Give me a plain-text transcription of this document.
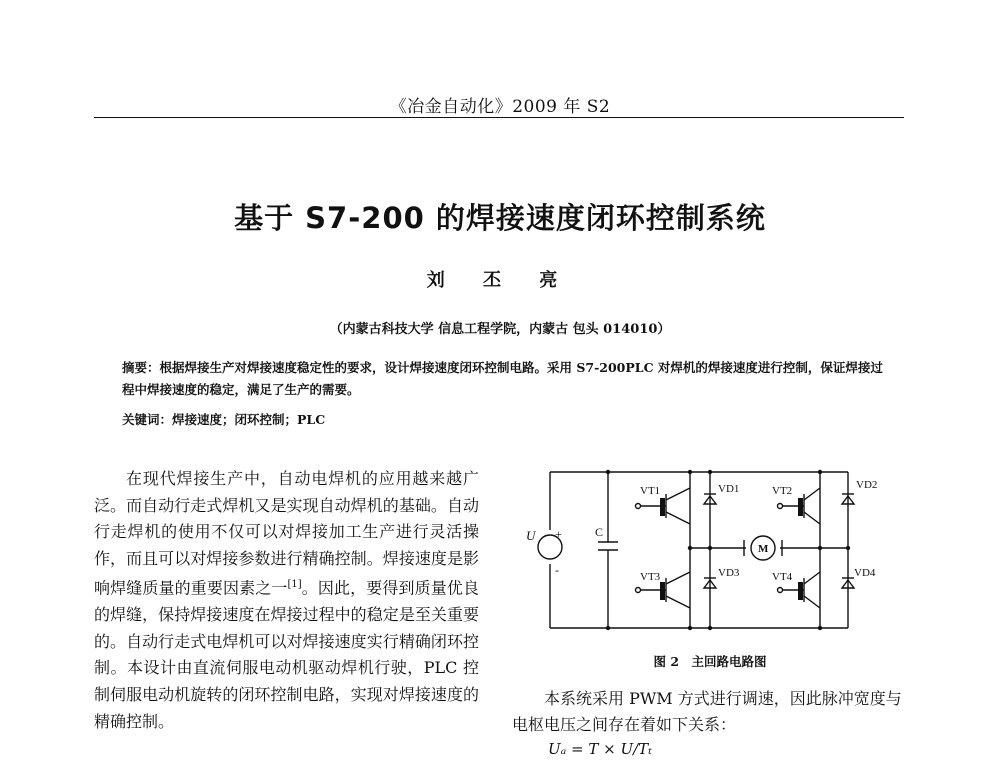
《冶金自动化》2009 年 S2
基于 S7-200 的焊接速度闭环控制系统
刘 丕 亮
（内蒙古科技大学 信息工程学院，内蒙古 包头 014010）
摘要：根据焊接生产对焊接速度稳定性的要求，设计焊接速度闭环控制电路。采用 S7-200PLC 对焊机的焊接速度进行控制，保证焊接过程中焊接速度的稳定，满足了生产的需要。
关键词：焊接速度；闭环控制；PLC

在现代焊接生产中，自动电焊机的应用越来越广泛。而自动行走式焊机又是实现自动焊机的基础。自动行走焊机的使用不仅可以对焊接加工生产进行灵活操作，而且可以对焊接参数进行精确控制。焊接速度是影响焊缝质量的重要因素之一[1]。因此，要得到质量优良的焊缝，保持焊接速度在焊接过程中的稳定是至关重要的。自动行走式电焊机可以对焊接速度实行精确闭环控制。本设计由直流伺服电动机驱动焊机行驶，PLC 控制伺服电动机旋转的闭环控制电路，实现对焊接速度的精确控制。

VT1	VD1	VT2	VD2
VT3	VD3	VT4	VD4
U +
-
C
M
图 2　主回路电路图

本系统采用 PWM 方式进行调速，因此脉冲宽度与电枢电压之间存在着如下关系：

Uₐ = T × U/Tₜ
